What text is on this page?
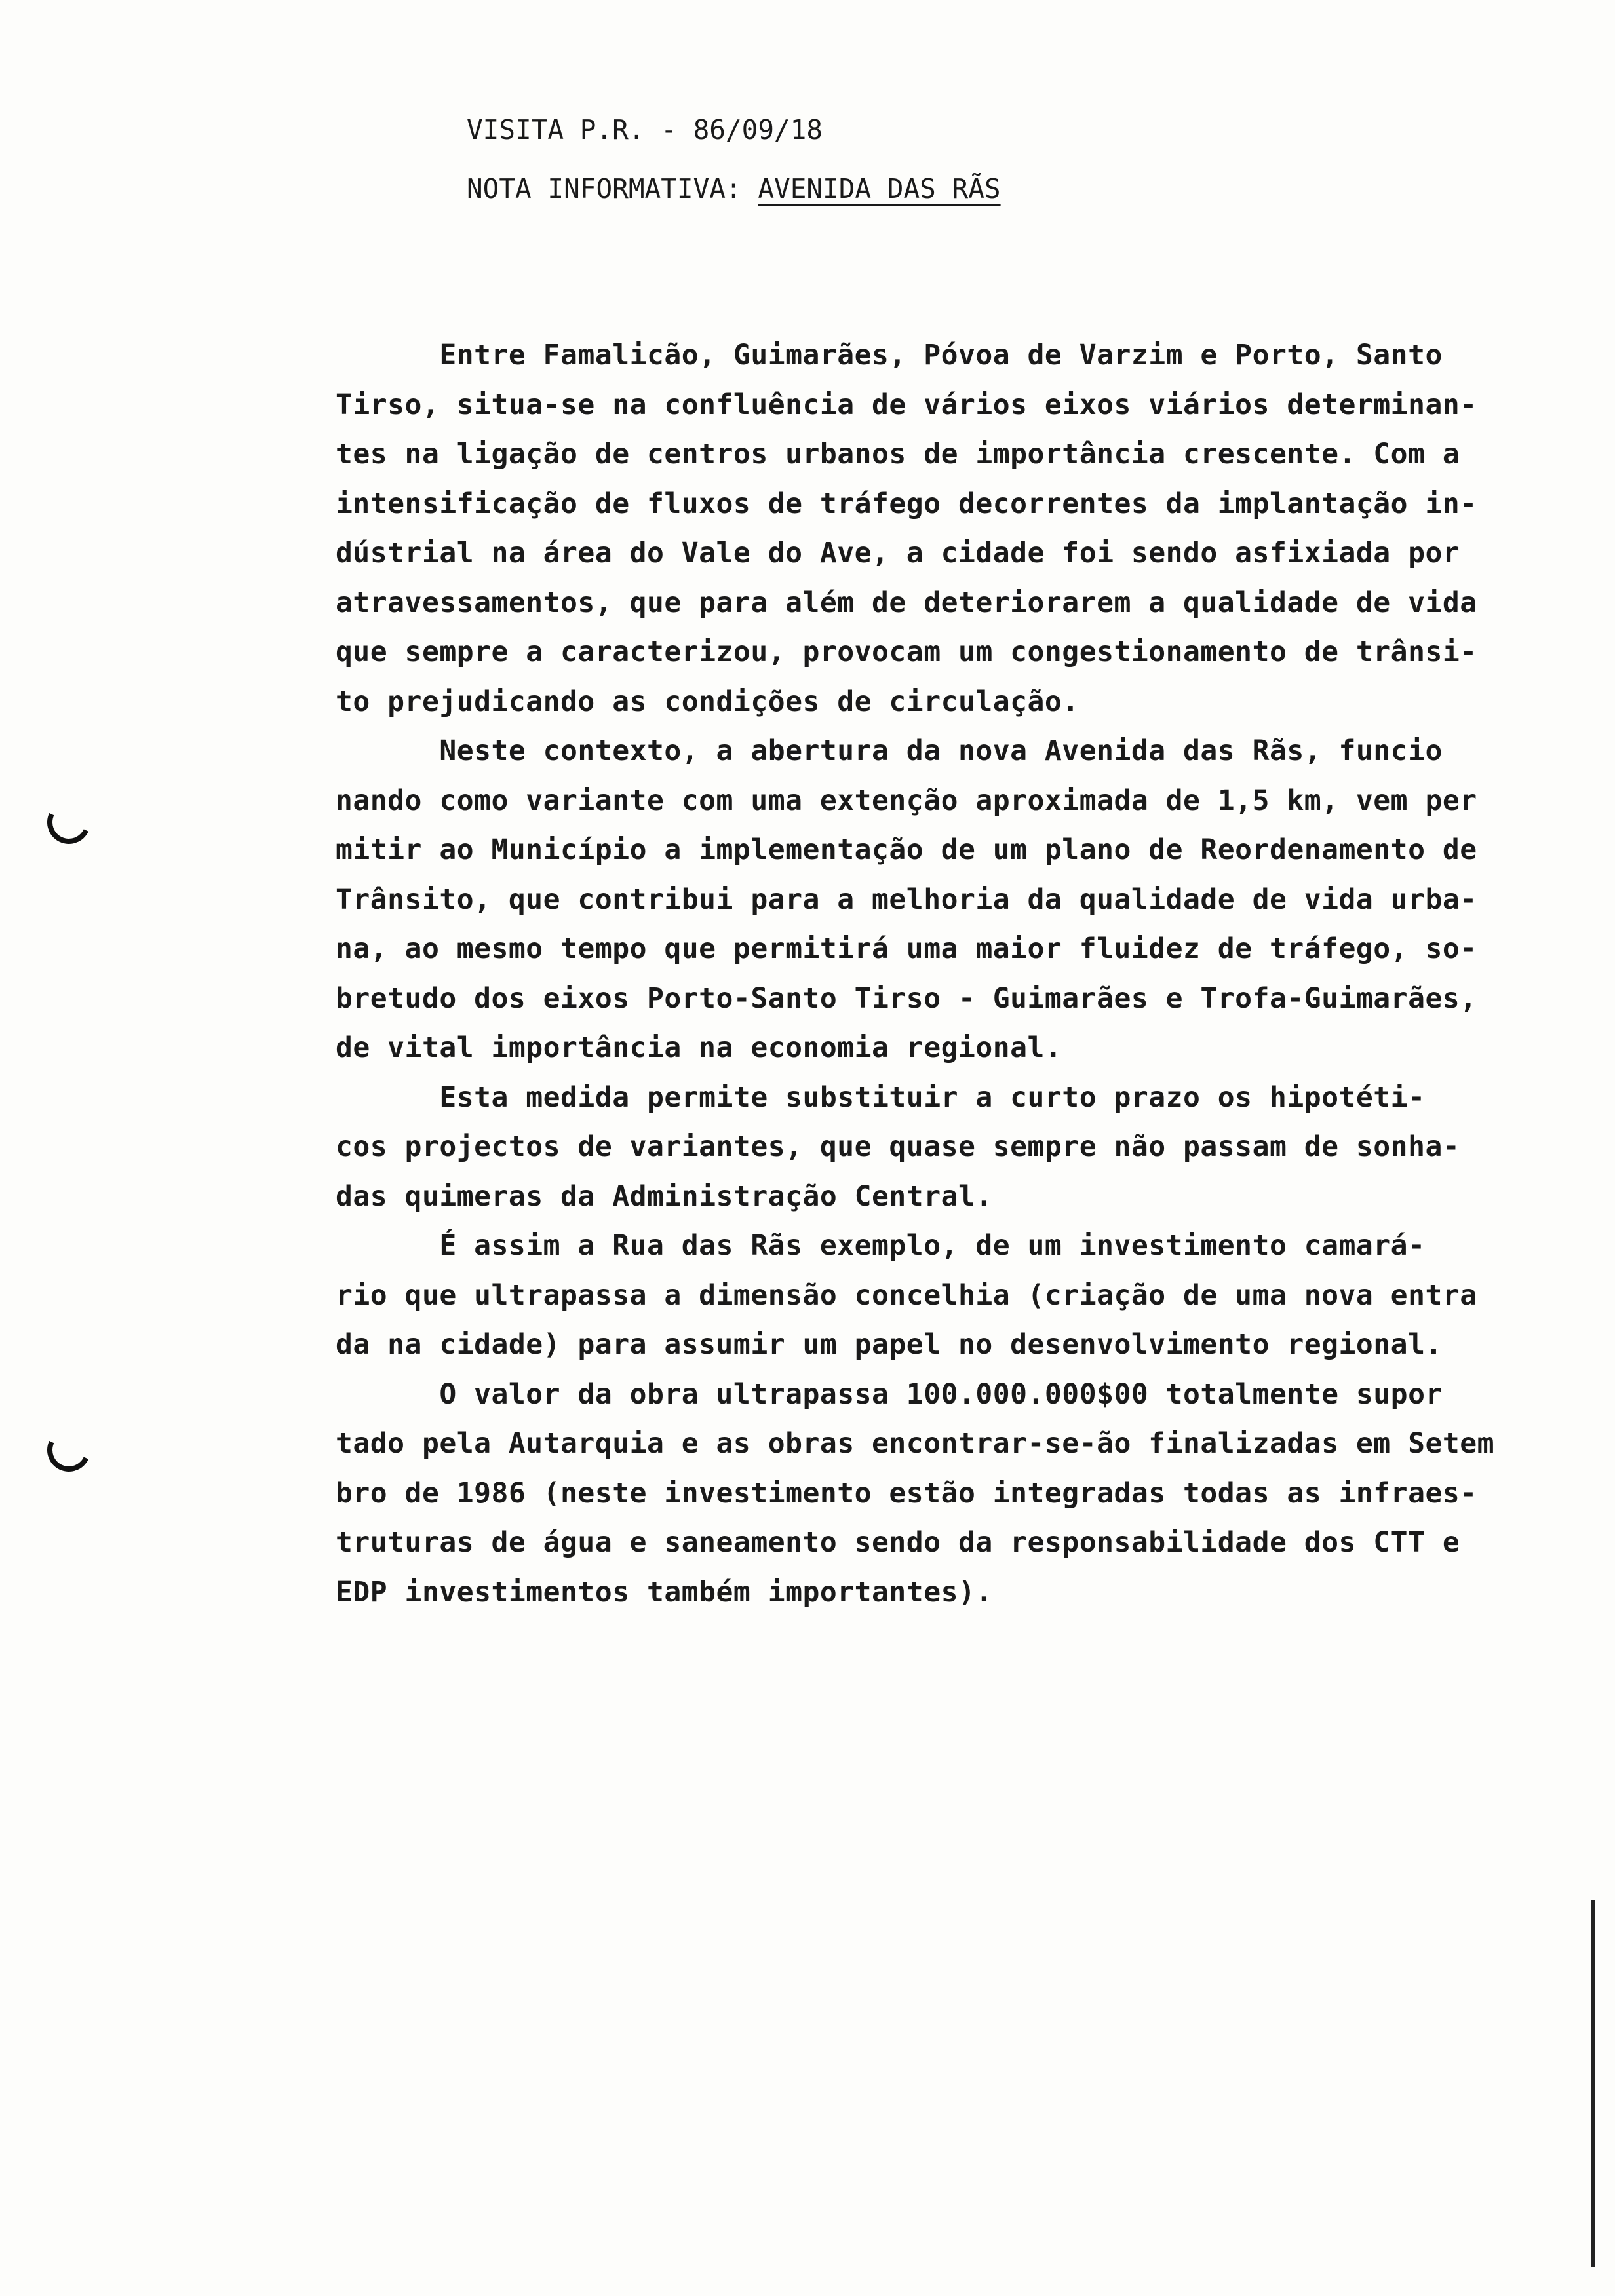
VISITA P.R. - 86/09/18
NOTA INFORMATIVA: AVENIDA DAS RÃS
Entre Famalicão, Guimarães, Póvoa de Varzim e Porto, Santo
Tirso, situa-se na confluência de vários eixos viários determinan-
tes na ligação de centros urbanos de importância crescente. Com a
intensificação de fluxos de tráfego decorrentes da implantação in-
dústrial na área do Vale do Ave, a cidade foi sendo asfixiada por
atravessamentos, que para além de deteriorarem a qualidade de vida
que sempre a caracterizou, provocam um congestionamento de trânsi-
to prejudicando as condições de circulação.
Neste contexto, a abertura da nova Avenida das Rãs, funcio
nando como variante com uma extenção aproximada de 1,5 km, vem per
mitir ao Município a implementação de um plano de Reordenamento de
Trânsito, que contribui para a melhoria da qualidade de vida urba-
na, ao mesmo tempo que permitirá uma maior fluidez de tráfego, so-
bretudo dos eixos Porto-Santo Tirso - Guimarães e Trofa-Guimarães,
de vital importância na economia regional.
Esta medida permite substituir a curto prazo os hipotéti-
cos projectos de variantes, que quase sempre não passam de sonha-
das quimeras da Administração Central.
É assim a Rua das Rãs exemplo, de um investimento camará-
rio que ultrapassa a dimensão concelhia (criação de uma nova entra
da na cidade) para assumir um papel no desenvolvimento regional.
O valor da obra ultrapassa 100.000.000$00 totalmente supor
tado pela Autarquia e as obras encontrar-se-ão finalizadas em Setem
bro de 1986 (neste investimento estão integradas todas as infraes-
truturas de água e saneamento sendo da responsabilidade dos CTT e
EDP investimentos também importantes).
